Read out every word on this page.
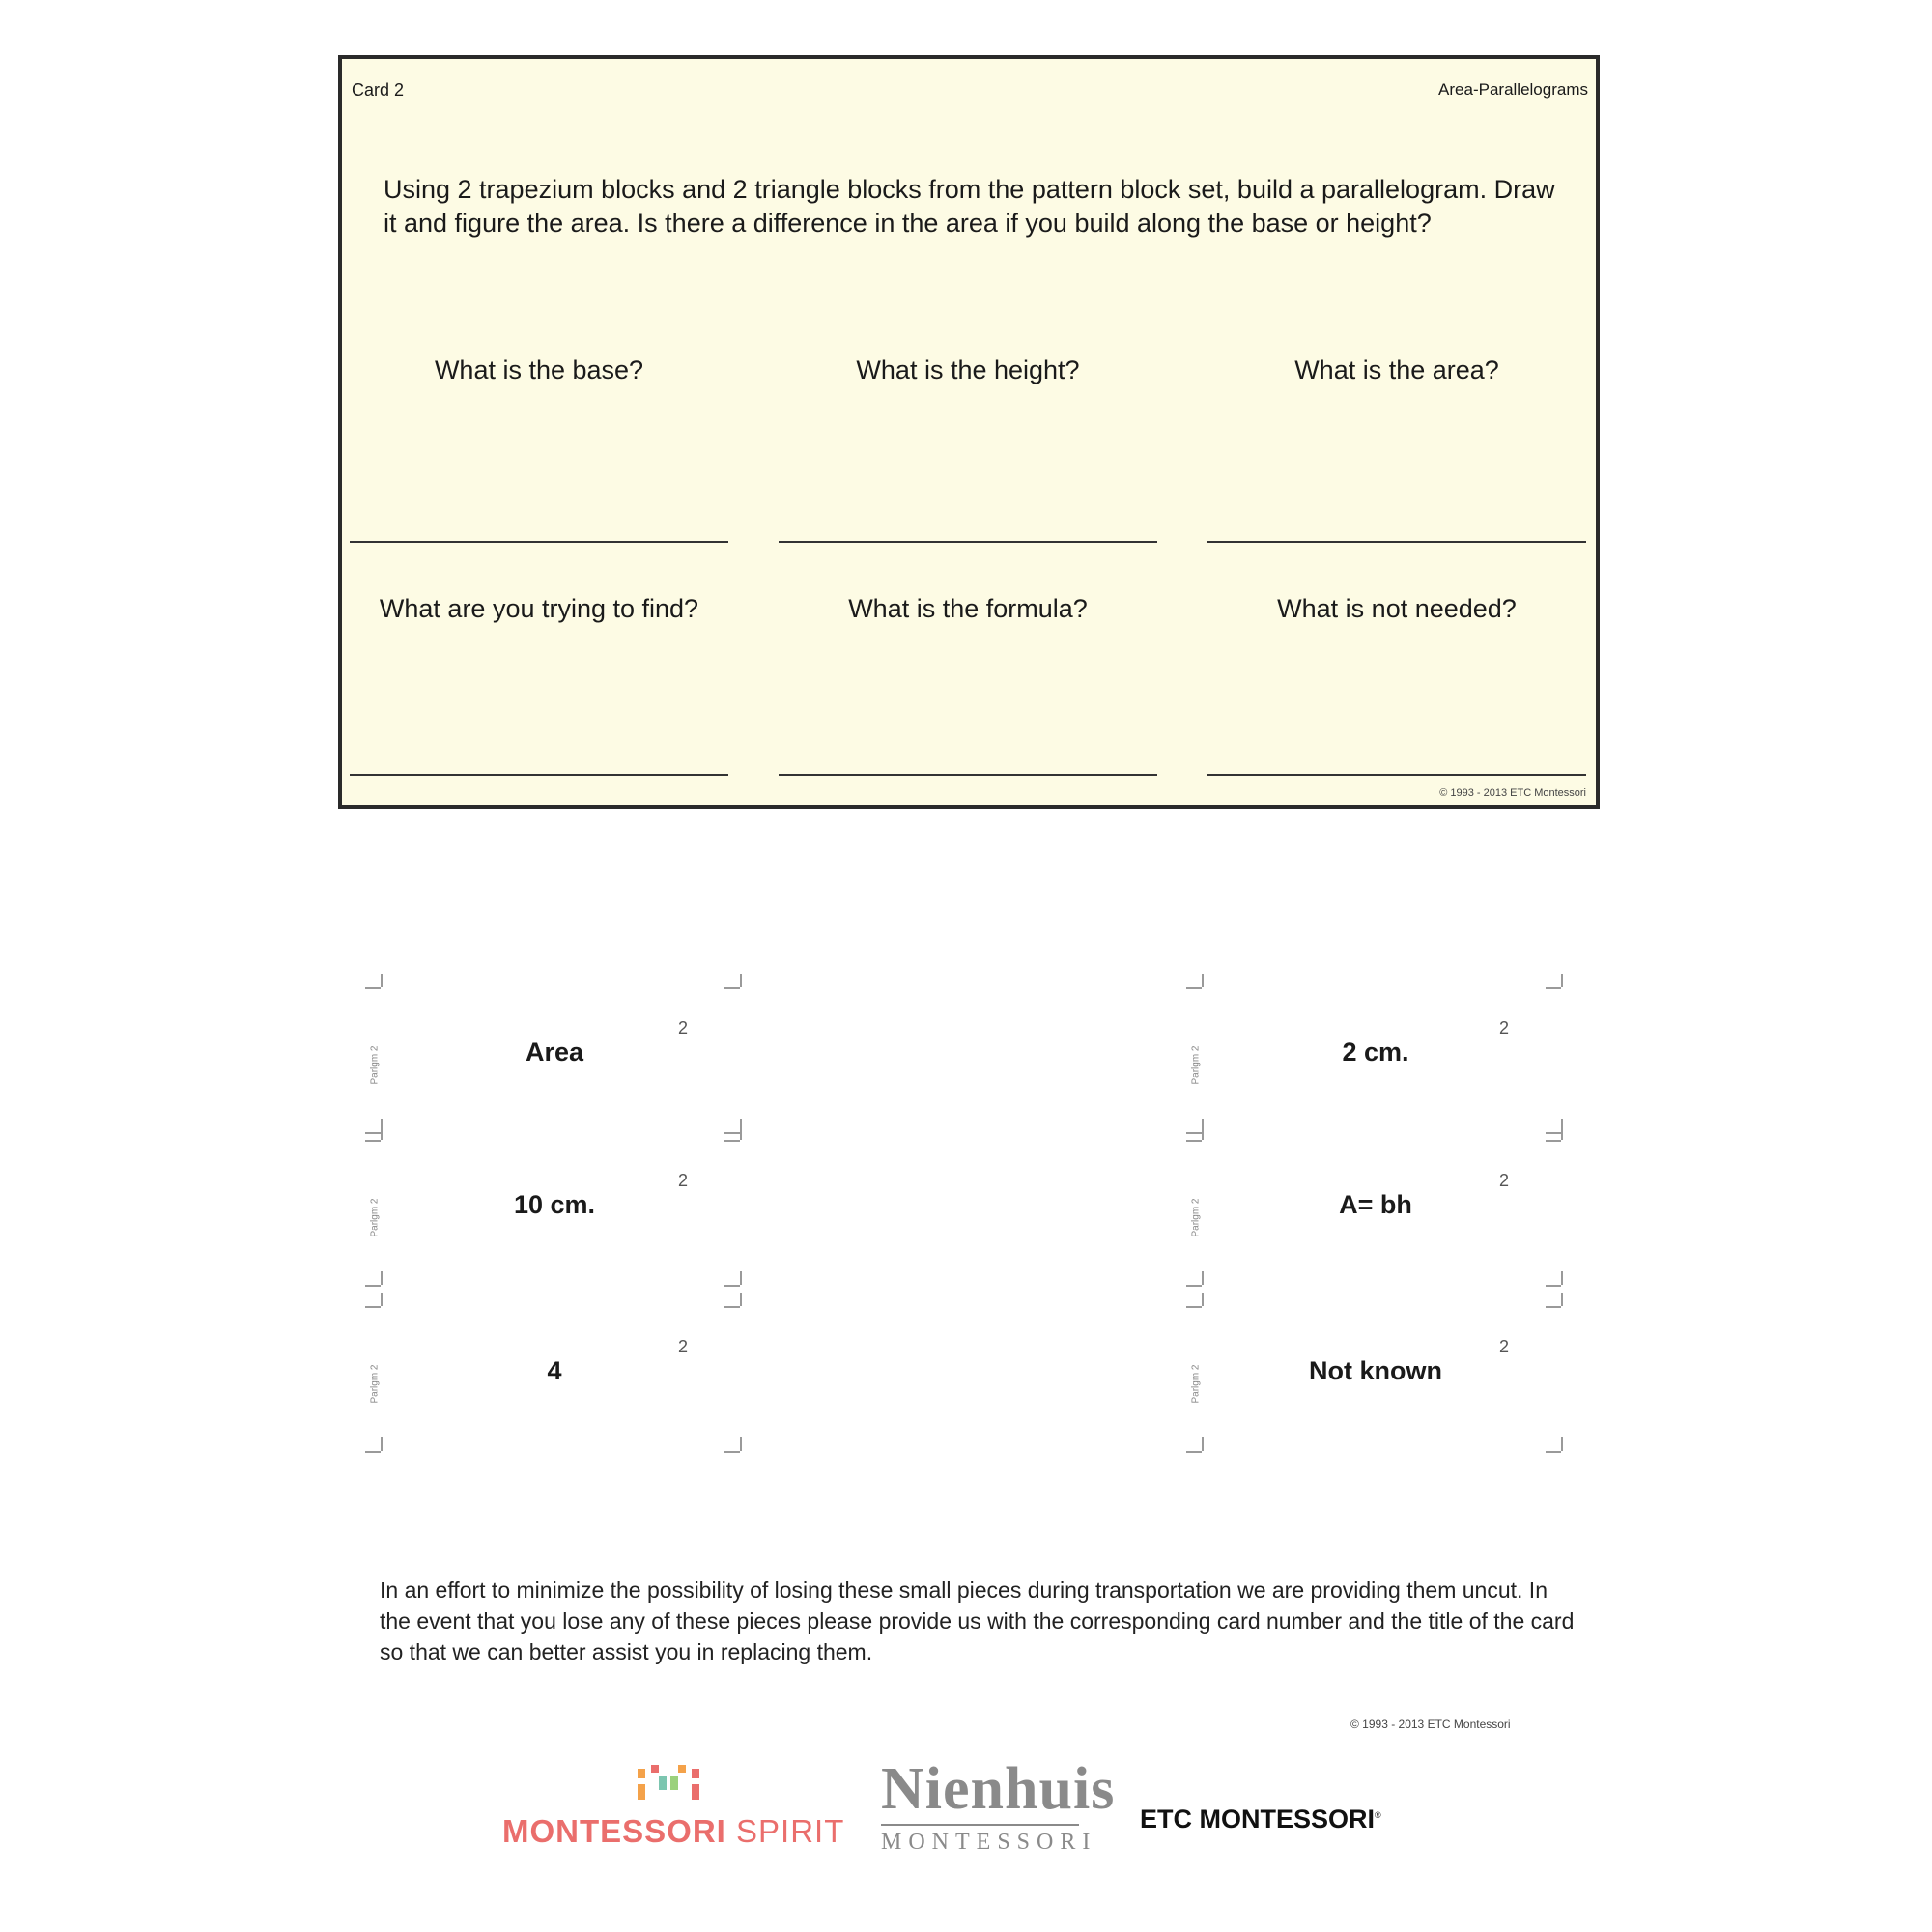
Card 2	Area-Parallelograms
Using 2 trapezium blocks and 2 triangle blocks from the pattern block set, build a parallelogram. Draw it and figure the area. Is there a difference in the area if you build along the base or height?
What is the base?	What is the height?	What is the area?
What are you trying to find?	What is the formula?	What is not needed?
© 1993 - 2013 ETC Montessori
Area
2
Parlgm 2	2 cm.
2
Parlgm 2
10 cm.
2
Parlgm 2	A= bh
2
Parlgm 2
4
2
Parlgm 2	Not known
2
Parlgm 2
In an effort to minimize the possibility of losing these small pieces during transportation we are providing them uncut. In the event that you lose any of these pieces please provide us with the corresponding card number and the title of the card so that we can better assist you in replacing them.
© 1993 - 2013 ETC Montessori
MONTESSORI SPIRIT
Nienhuis
MONTESSORI
ETC MONTESSORI®
